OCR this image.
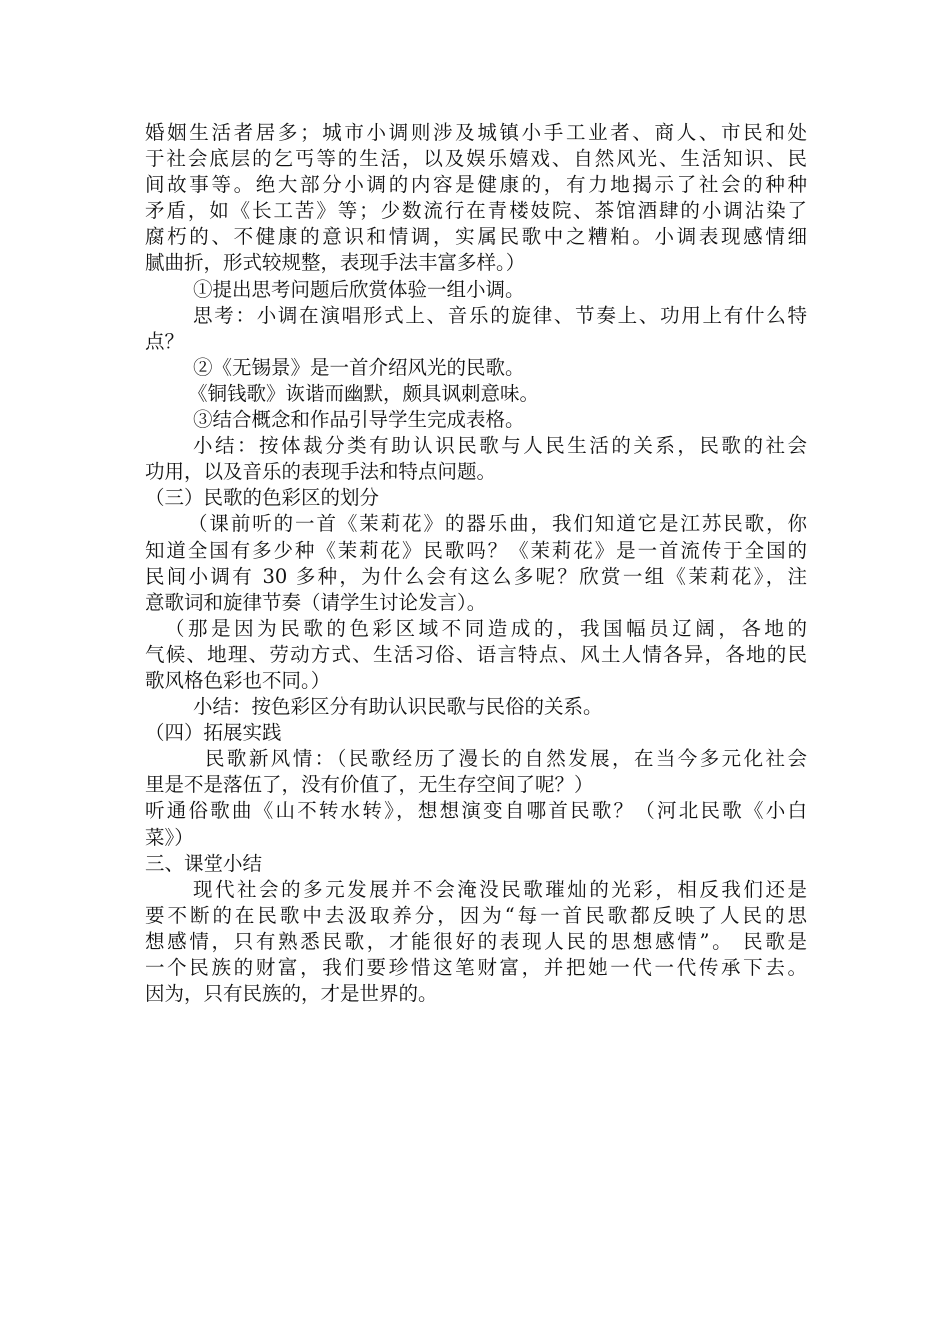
婚姻生活者居多；城市小调则涉及城镇小手工业者、商人、市民和处
于社会底层的乞丐等的生活，以及娱乐嬉戏、自然风光、生活知识、民
间故事等。绝大部分小调的内容是健康的，有力地揭示了社会的种种
矛盾，如《长工苦》等；少数流行在青楼妓院、茶馆酒肆的小调沾染了
腐朽的、不健康的意识和情调，实属民歌中之糟粕。小调表现感情细
腻曲折，形式较规整，表现手法丰富多样。）
①提出思考问题后欣赏体验一组小调。
思考：小调在演唱形式上、音乐的旋律、节奏上、功用上有什么特
点？
②《无锡景》是一首介绍风光的民歌。
《铜钱歌》诙谐而幽默，颇具讽刺意味。
③结合概念和作品引导学生完成表格。
小结：按体裁分类有助认识民歌与人民生活的关系，民歌的社会
功用，以及音乐的表现手法和特点问题。
（三）民歌的色彩区的划分
（课前听的一首《茉莉花》的器乐曲，我们知道它是江苏民歌，你
知道全国有多少种《茉莉花》民歌吗？《茉莉花》是一首流传于全国的
民间小调有 30 多种，为什么会有这么多呢？欣赏一组《茉莉花》，注
意歌词和旋律节奏（请学生讨论发言）。
（那是因为民歌的色彩区域不同造成的，我国幅员辽阔，各地的
气候、地理、劳动方式、生活习俗、语言特点、风土人情各异，各地的民
歌风格色彩也不同。）
小结：按色彩区分有助认识民歌与民俗的关系。
（四）拓展实践
民歌新风情：（民歌经历了漫长的自然发展，在当今多元化社会
里是不是落伍了，没有价值了，无生存空间了呢？）
听通俗歌曲《山不转水转》，想想演变自哪首民歌？（河北民歌《小白
菜》）
三、课堂小结
现代社会的多元发展并不会淹没民歌璀灿的光彩，相反我们还是
要不断的在民歌中去汲取养分，因为“每一首民歌都反映了人民的思
想感情，只有熟悉民歌，才能很好的表现人民的思想感情”。 民歌是
一个民族的财富，我们要珍惜这笔财富，并把她一代一代传承下去。
因为，只有民族的，才是世界的。
